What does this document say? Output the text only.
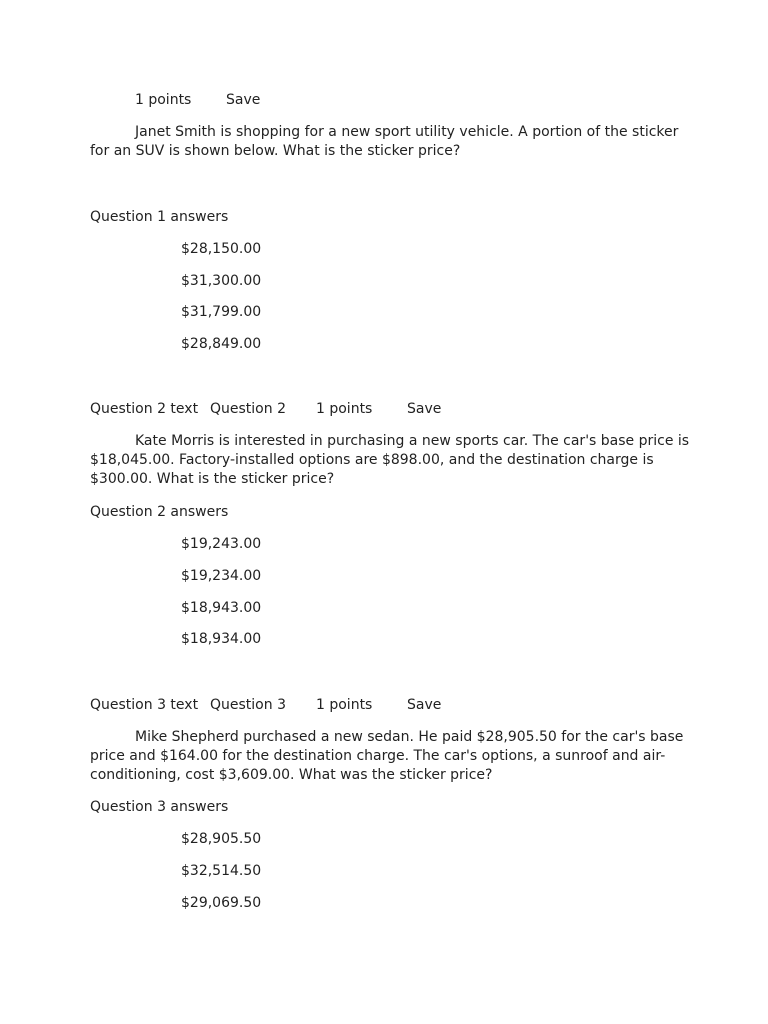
1 points Save
Janet Smith is shopping for a new sport utility vehicle. A portion of the sticker for an SUV is shown below. What is the sticker price?
Question 1 answers
$28,150.00
$31,300.00
$31,799.00
$28,849.00
Question 2 text Question 2 1 points Save
Kate Morris is interested in purchasing a new sports car. The car's base price is $18,045.00. Factory-installed options are $898.00, and the destination charge is $300.00. What is the sticker price?
Question 2 answers
$19,243.00
$19,234.00
$18,943.00
$18,934.00
Question 3 text Question 3 1 points Save
Mike Shepherd purchased a new sedan. He paid $28,905.50 for the car's base price and $164.00 for the destination charge. The car's options, a sunroof and air-conditioning, cost $3,609.00. What was the sticker price?
Question 3 answers
$28,905.50
$32,514.50
$29,069.50
